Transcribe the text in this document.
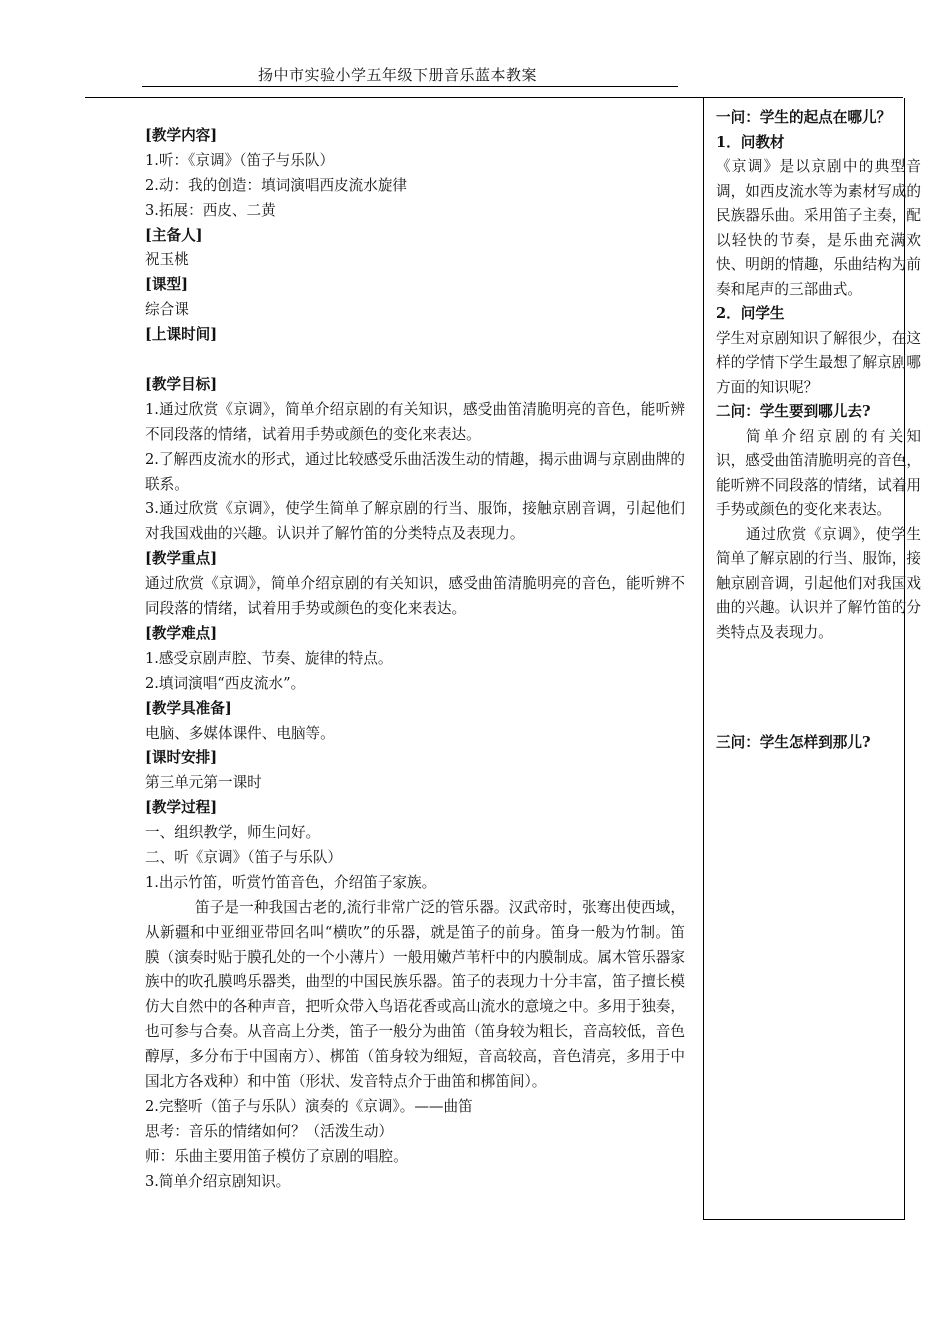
扬中市实验小学五年级下册音乐蓝本教案
[教学内容]
1.听：《京调》（笛子与乐队）
2.动：我的创造：填词演唱西皮流水旋律
3.拓展：西皮、二黄
[主备人]
祝玉桃
[课型]
综合课
[上课时间]
[教学目标]
1.通过欣赏《京调》，简单介绍京剧的有关知识，感受曲笛清脆明亮的音色，能听辨不同段落的情绪，试着用手势或颜色的变化来表达。
2.了解西皮流水的形式，通过比较感受乐曲活泼生动的情趣，揭示曲调与京剧曲牌的联系。
3.通过欣赏《京调》，使学生简单了解京剧的行当、服饰，接触京剧音调，引起他们对我国戏曲的兴趣。认识并了解竹笛的分类特点及表现力。
[教学重点]
通过欣赏《京调》，简单介绍京剧的有关知识，感受曲笛清脆明亮的音色，能听辨不同段落的情绪，试着用手势或颜色的变化来表达。
[教学难点]
1.感受京剧声腔、节奏、旋律的特点。
2.填词演唱“西皮流水”。
[教学具准备]
电脑、多媒体课件、电脑等。
[课时安排]
第三单元第一课时
[教学过程]
一、组织教学，师生问好。
二、听《京调》（笛子与乐队）
1.出示竹笛，听赏竹笛音色，介绍笛子家族。
笛子是一种我国古老的,流行非常广泛的管乐器。汉武帝时，张骞出使西域，从新疆和中亚细亚带回名叫“横吹”的乐器，就是笛子的前身。笛身一般为竹制。笛膜（演奏时贴于膜孔处的一个小薄片）一般用嫩芦苇杆中的内膜制成。属木管乐器家族中的吹孔膜鸣乐器类，曲型的中国民族乐器。笛子的表现力十分丰富，笛子擅长模仿大自然中的各种声音，把听众带入鸟语花香或高山流水的意境之中。多用于独奏，也可参与合奏。从音高上分类，笛子一般分为曲笛（笛身较为粗长，音高较低，音色醇厚，多分布于中国南方）、梆笛（笛身较为细短，音高较高，音色清亮，多用于中国北方各戏种）和中笛（形状、发音特点介于曲笛和梆笛间）。
2.完整听（笛子与乐队）演奏的《京调》。——曲笛
思考：音乐的情绪如何？（活泼生动）
师：乐曲主要用笛子模仿了京剧的唱腔。
3.简单介绍京剧知识。
一问：学生的起点在哪儿？
1．问教材
《京调》是以京剧中的典型音调，如西皮流水等为素材写成的民族器乐曲。采用笛子主奏，配以轻快的节奏，是乐曲充满欢快、明朗的情趣，乐曲结构为前奏和尾声的三部曲式。
2．问学生
学生对京剧知识了解很少，在这样的学情下学生最想了解京剧哪方面的知识呢？
二问：学生要到哪儿去?
简单介绍京剧的有关知识，感受曲笛清脆明亮的音色，能听辨不同段落的情绪，试着用手势或颜色的变化来表达。
通过欣赏《京调》，使学生简单了解京剧的行当、服饰，接触京剧音调，引起他们对我国戏曲的兴趣。认识并了解竹笛的分类特点及表现力。
三问：学生怎样到那儿?
